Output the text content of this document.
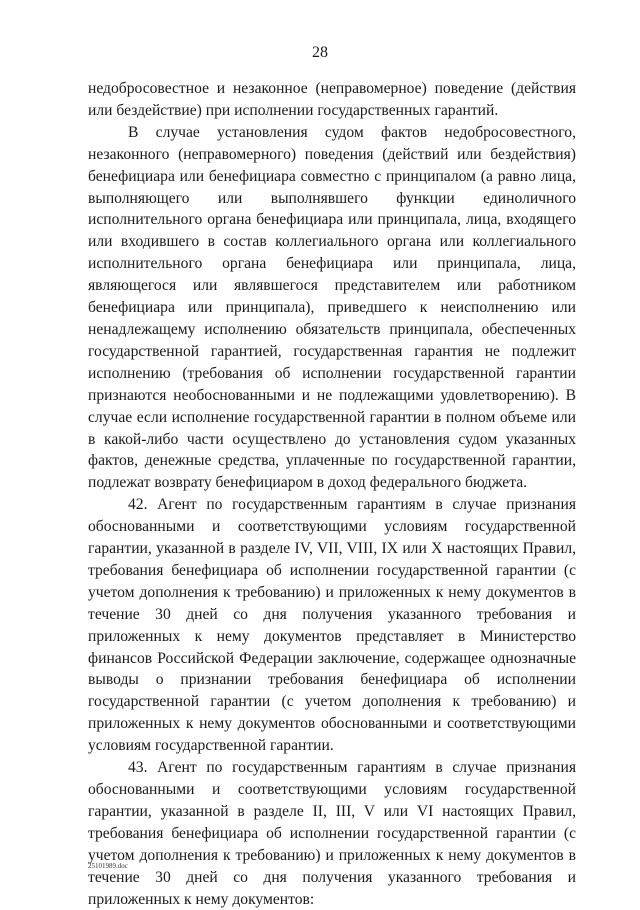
28

недобросовестное и незаконное (неправомерное) поведение (действия или бездействие) при исполнении государственных гарантий.

В случае установления судом фактов недобросовестного, незаконного (неправомерного) поведения (действий или бездействия) бенефициара или бенефициара совместно с принципалом (а равно лица, выполняющего или выполнявшего функции единоличного исполнительного органа бенефициара или принципала, лица, входящего или входившего в состав коллегиального органа или коллегиального исполнительного органа бенефициара или принципала, лица, являющегося или являвшегося представителем или работником бенефициара или принципала), приведшего к неисполнению или ненадлежащему исполнению обязательств принципала, обеспеченных государственной гарантией, государственная гарантия не подлежит исполнению (требования об исполнении государственной гарантии признаются необоснованными и не подлежащими удовлетворению). В случае если исполнение государственной гарантии в полном объеме или в какой-либо части осуществлено до установления судом указанных фактов, денежные средства, уплаченные по государственной гарантии, подлежат возврату бенефициаром в доход федерального бюджета.

42. Агент по государственным гарантиям в случае признания обоснованными и соответствующими условиям государственной гарантии, указанной в разделе IV, VII, VIII, IX или X настоящих Правил, требования бенефициара об исполнении государственной гарантии (с учетом дополнения к требованию) и приложенных к нему документов в течение 30 дней со дня получения указанного требования и приложенных к нему документов представляет в Министерство финансов Российской Федерации заключение, содержащее однозначные выводы о признании требования бенефициара об исполнении государственной гарантии (с учетом дополнения к требованию) и приложенных к нему документов обоснованными и соответствующими условиям государственной гарантии.

43. Агент по государственным гарантиям в случае признания обоснованными и соответствующими условиям государственной гарантии, указанной в разделе II, III, V или VI настоящих Правил, требования бенефициара об исполнении государственной гарантии (с учетом дополнения к требованию) и приложенных к нему документов в течение 30 дней со дня получения указанного требования и приложенных к нему документов:

25101989.doc
